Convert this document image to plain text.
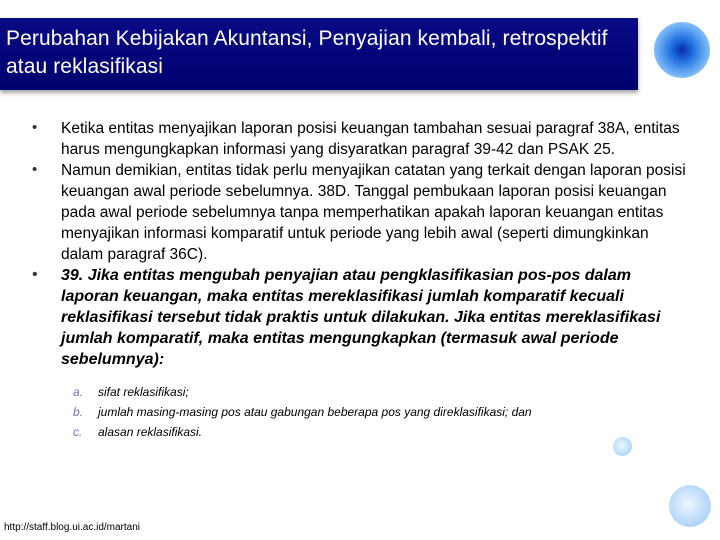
Perubahan Kebijakan Akuntansi, Penyajian kembali, retrospektif atau reklasifikasi
• Ketika entitas menyajikan laporan posisi keuangan tambahan sesuai paragraf 38A, entitas harus mengungkapkan informasi yang disyaratkan paragraf 39-42 dan PSAK 25.
• Namun demikian, entitas tidak perlu menyajikan catatan yang terkait dengan laporan posisi keuangan awal periode sebelumnya. 38D. Tanggal pembukaan laporan posisi keuangan pada awal periode sebelumnya tanpa memperhatikan apakah laporan keuangan entitas menyajikan informasi komparatif untuk periode yang lebih awal (seperti dimungkinkan dalam paragraf 36C).
• 39. Jika entitas mengubah penyajian atau pengklasifikasian pos-pos dalam laporan keuangan, maka entitas mereklasifikasi jumlah komparatif kecuali reklasifikasi tersebut tidak praktis untuk dilakukan. Jika entitas mereklasifikasi jumlah komparatif, maka entitas mengungkapkan (termasuk awal periode sebelumnya):
a. sifat reklasifikasi;
b. jumlah masing-masing pos atau gabungan beberapa pos yang direklasifikasi; dan
c. alasan reklasifikasi.
http://staff.blog.ui.ac.id/martani
